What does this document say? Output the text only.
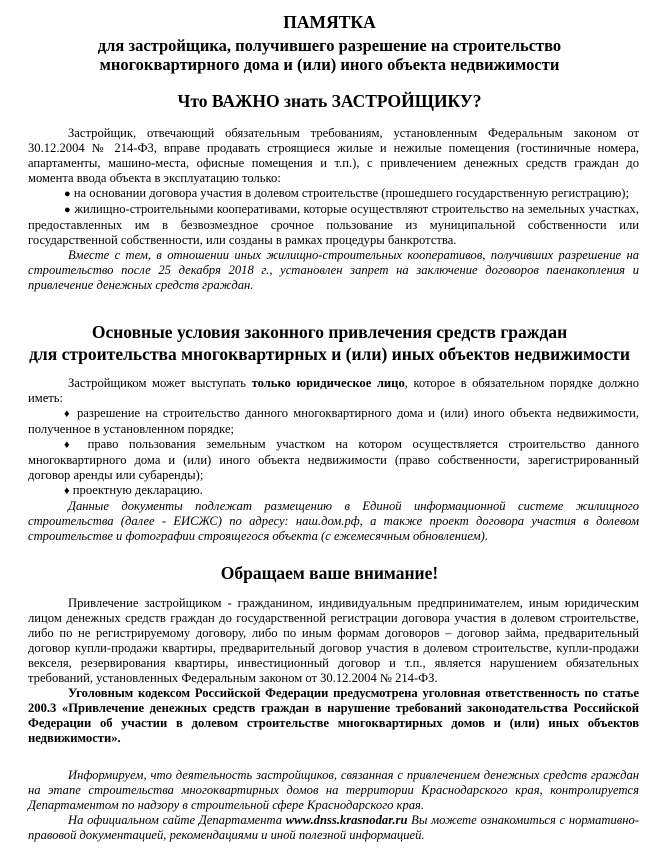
ПАМЯТКА
для застройщика, получившего разрешение на строительство
многоквартирного дома и (или) иного объекта недвижимости
Что ВАЖНО знать ЗАСТРОЙЩИКУ?
Застройщик, отвечающий обязательным требованиям, установленным Федеральным законом от 30.12.2004 № 214-ФЗ, вправе продавать строящиеся жилые и нежилые помещения (гостиничные номера, апартаменты, машино-места, офисные помещения и т.п.), с привлечением денежных средств граждан до момента ввода объекта в эксплуатацию только:
● на основании договора участия в долевом строительстве (прошедшего государственную регистрацию);
● жилищно-строительными кооперативами, которые осуществляют строительство на земельных участках, предоставленных им в безвозмездное срочное пользование из муниципальной собственности или государственной собственности, или созданы в рамках процедуры банкротства.
Вместе с тем, в отношении иных жилищно-строительных кооперативов, получивших разрешение на строительство после 25 декабря 2018 г., установлен запрет на заключение договоров паенакопления и привлечение денежных средств граждан.
Основные условия законного привлечения средств граждан
для строительства многоквартирных и (или) иных объектов недвижимости
Застройщиком может выступать только юридическое лицо, которое в обязательном порядке должно иметь:
♦ разрешение на строительство данного многоквартирного дома и (или) иного объекта недвижимости, полученное в установленном порядке;
♦ право пользования земельным участком на котором осуществляется строительство данного многоквартирного дома и (или) иного объекта недвижимости (право собственности, зарегистрированный договор аренды или субаренды);
♦ проектную декларацию.
Данные документы подлежат размещению в Единой информационной системе жилищного строительства (далее - ЕИСЖС) по адресу: наш.дом.рф, а также проект договора участия в долевом строительстве и фотографии строящегося объекта (с ежемесячным обновлением).
Обращаем ваше внимание!
Привлечение застройщиком - гражданином, индивидуальным предпринимателем, иным юридическим лицом денежных средств граждан до государственной регистрации договора участия в долевом строительстве, либо по не регистрируемому договору, либо по иным формам договоров – договор займа, предварительный договор купли-продажи квартиры, предварительный договор участия в долевом строительстве, купли-продажи векселя, резервирования квартиры, инвестиционный договор и т.п., является нарушением обязательных требований, установленных Федеральным законом от 30.12.2004 № 214-ФЗ.
Уголовным кодексом Российской Федерации предусмотрена уголовная ответственность по статье 200.3 «Привлечение денежных средств граждан в нарушение требований законодательства Российской Федерации об участии в долевом строительстве многоквартирных домов и (или) иных объектов недвижимости».
Информируем, что деятельность застройщиков, связанная с привлечением денежных средств граждан на этапе строительства многоквартирных домов на территории Краснодарского края, контролируется Департаментом по надзору в строительной сфере Краснодарского края.
На официальном сайте Департамента www.dnss.krasnodar.ru Вы можете ознакомиться с нормативно-правовой документацией, рекомендациями и иной полезной информацией.
